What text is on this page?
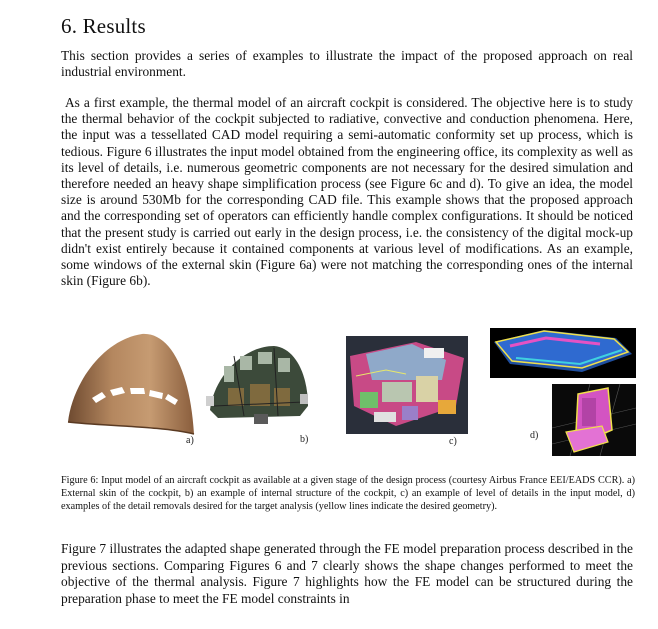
6. Results

This section provides a series of examples to illustrate the impact of the proposed approach on real industrial environment.

As a first example, the thermal model of an aircraft cockpit is considered. The objective here is to study the thermal behavior of the cockpit subjected to radiative, convective and conduction phenomena. Here, the input was a tessellated CAD model requiring a semi-automatic conformity set up process, which is tedious. Figure 6 illustrates the input model obtained from the engineering office, its complexity as well as its level of details, i.e. numerous geometric components are not necessary for the desired simulation and therefore needed an heavy shape simplification process (see Figure 6c and d). To give an idea, the model size is around 530Mb for the corresponding CAD file. This example shows that the proposed approach and the corresponding set of operators can efficiently handle complex configurations. It should be noticed that the present study is carried out early in the design process, i.e. the consistency of the digital mock-up didn't exist entirely because it contained components at various level of modifications. As an example, some windows of the external skin (Figure 6a) were not matching the corresponding ones of the internal skin (Figure 6b).

a)	b)	c)
d)

Figure 6: Input model of an aircraft cockpit as available at a given stage of the design process (courtesy Airbus France EEI/EADS CCR). a) External skin of the cockpit, b) an example of internal structure of the cockpit, c) an example of level of details in the input model, d) examples of the detail removals desired for the target analysis (yellow lines indicate the desired geometry).

Figure 7 illustrates the adapted shape generated through the FE model preparation process described in the previous sections. Comparing Figures 6 and 7 clearly shows the shape changes performed to meet the objective of the thermal analysis. Figure 7 highlights how the FE model can be structured during the preparation phase to meet the FE model constraints in
